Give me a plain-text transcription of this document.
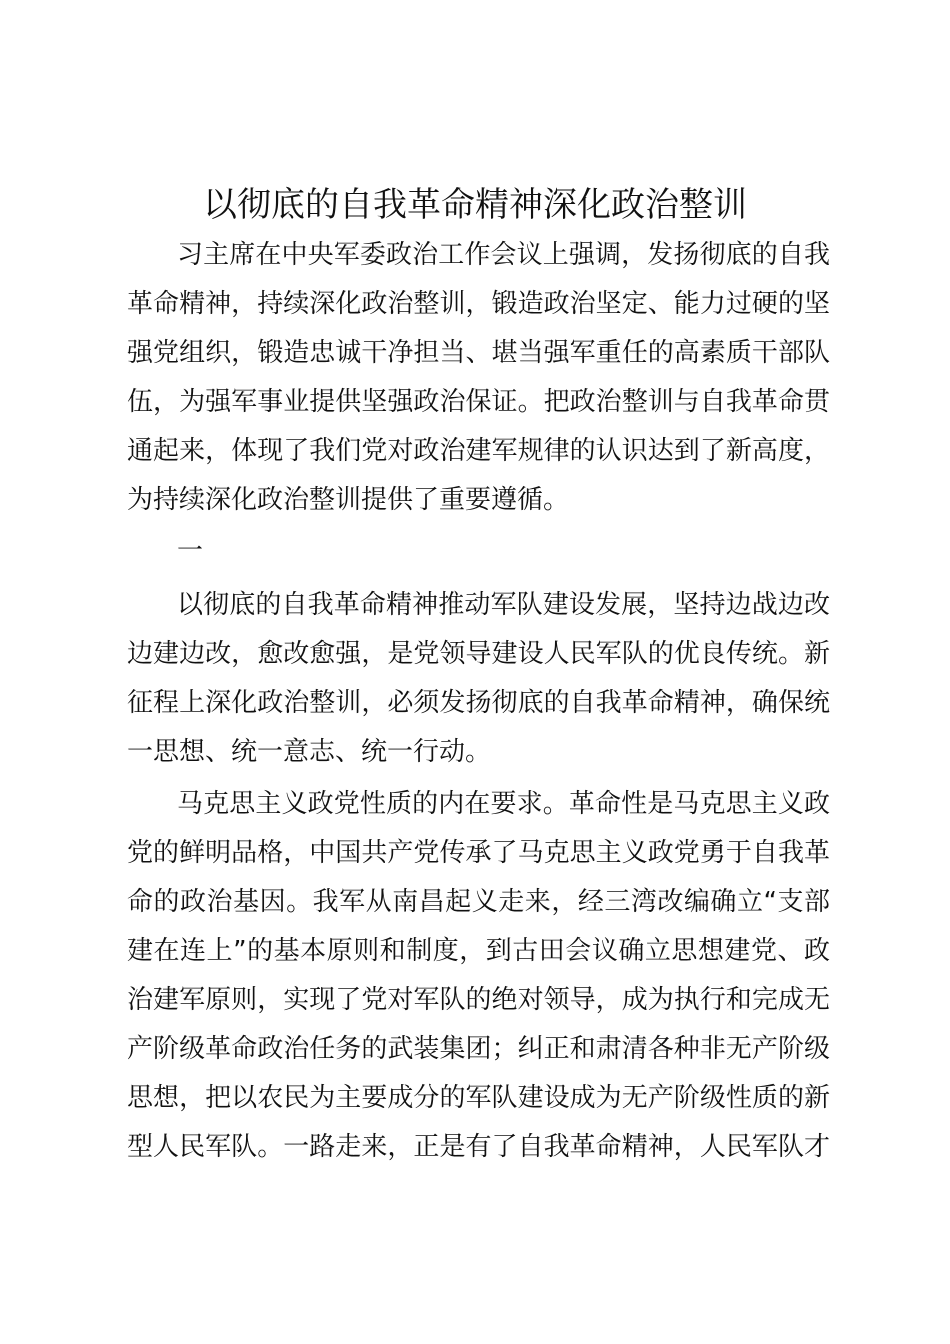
以彻底的自我革命精神深化政治整训

习主席在中央军委政治工作会议上强调，发扬彻底的自我

革命精神，持续深化政治整训，锻造政治坚定、能力过硬的坚

强党组织，锻造忠诚干净担当、堪当强军重任的高素质干部队

伍，为强军事业提供坚强政治保证。把政治整训与自我革命贯

通起来，体现了我们党对政治建军规律的认识达到了新高度，

为持续深化政治整训提供了重要遵循。

一

以彻底的自我革命精神推动军队建设发展，坚持边战边改

边建边改，愈改愈强，是党领导建设人民军队的优良传统。新

征程上深化政治整训，必须发扬彻底的自我革命精神，确保统

一思想、统一意志、统一行动。

马克思主义政党性质的内在要求。革命性是马克思主义政

党的鲜明品格，中国共产党传承了马克思主义政党勇于自我革

命的政治基因。我军从南昌起义走来，经三湾改编确立“支部

建在连上”的基本原则和制度，到古田会议确立思想建党、政

治建军原则，实现了党对军队的绝对领导，成为执行和完成无

产阶级革命政治任务的武装集团；纠正和肃清各种非无产阶级

思想，把以农民为主要成分的军队建设成为无产阶级性质的新

型人民军队。一路走来，正是有了自我革命精神，人民军队才
